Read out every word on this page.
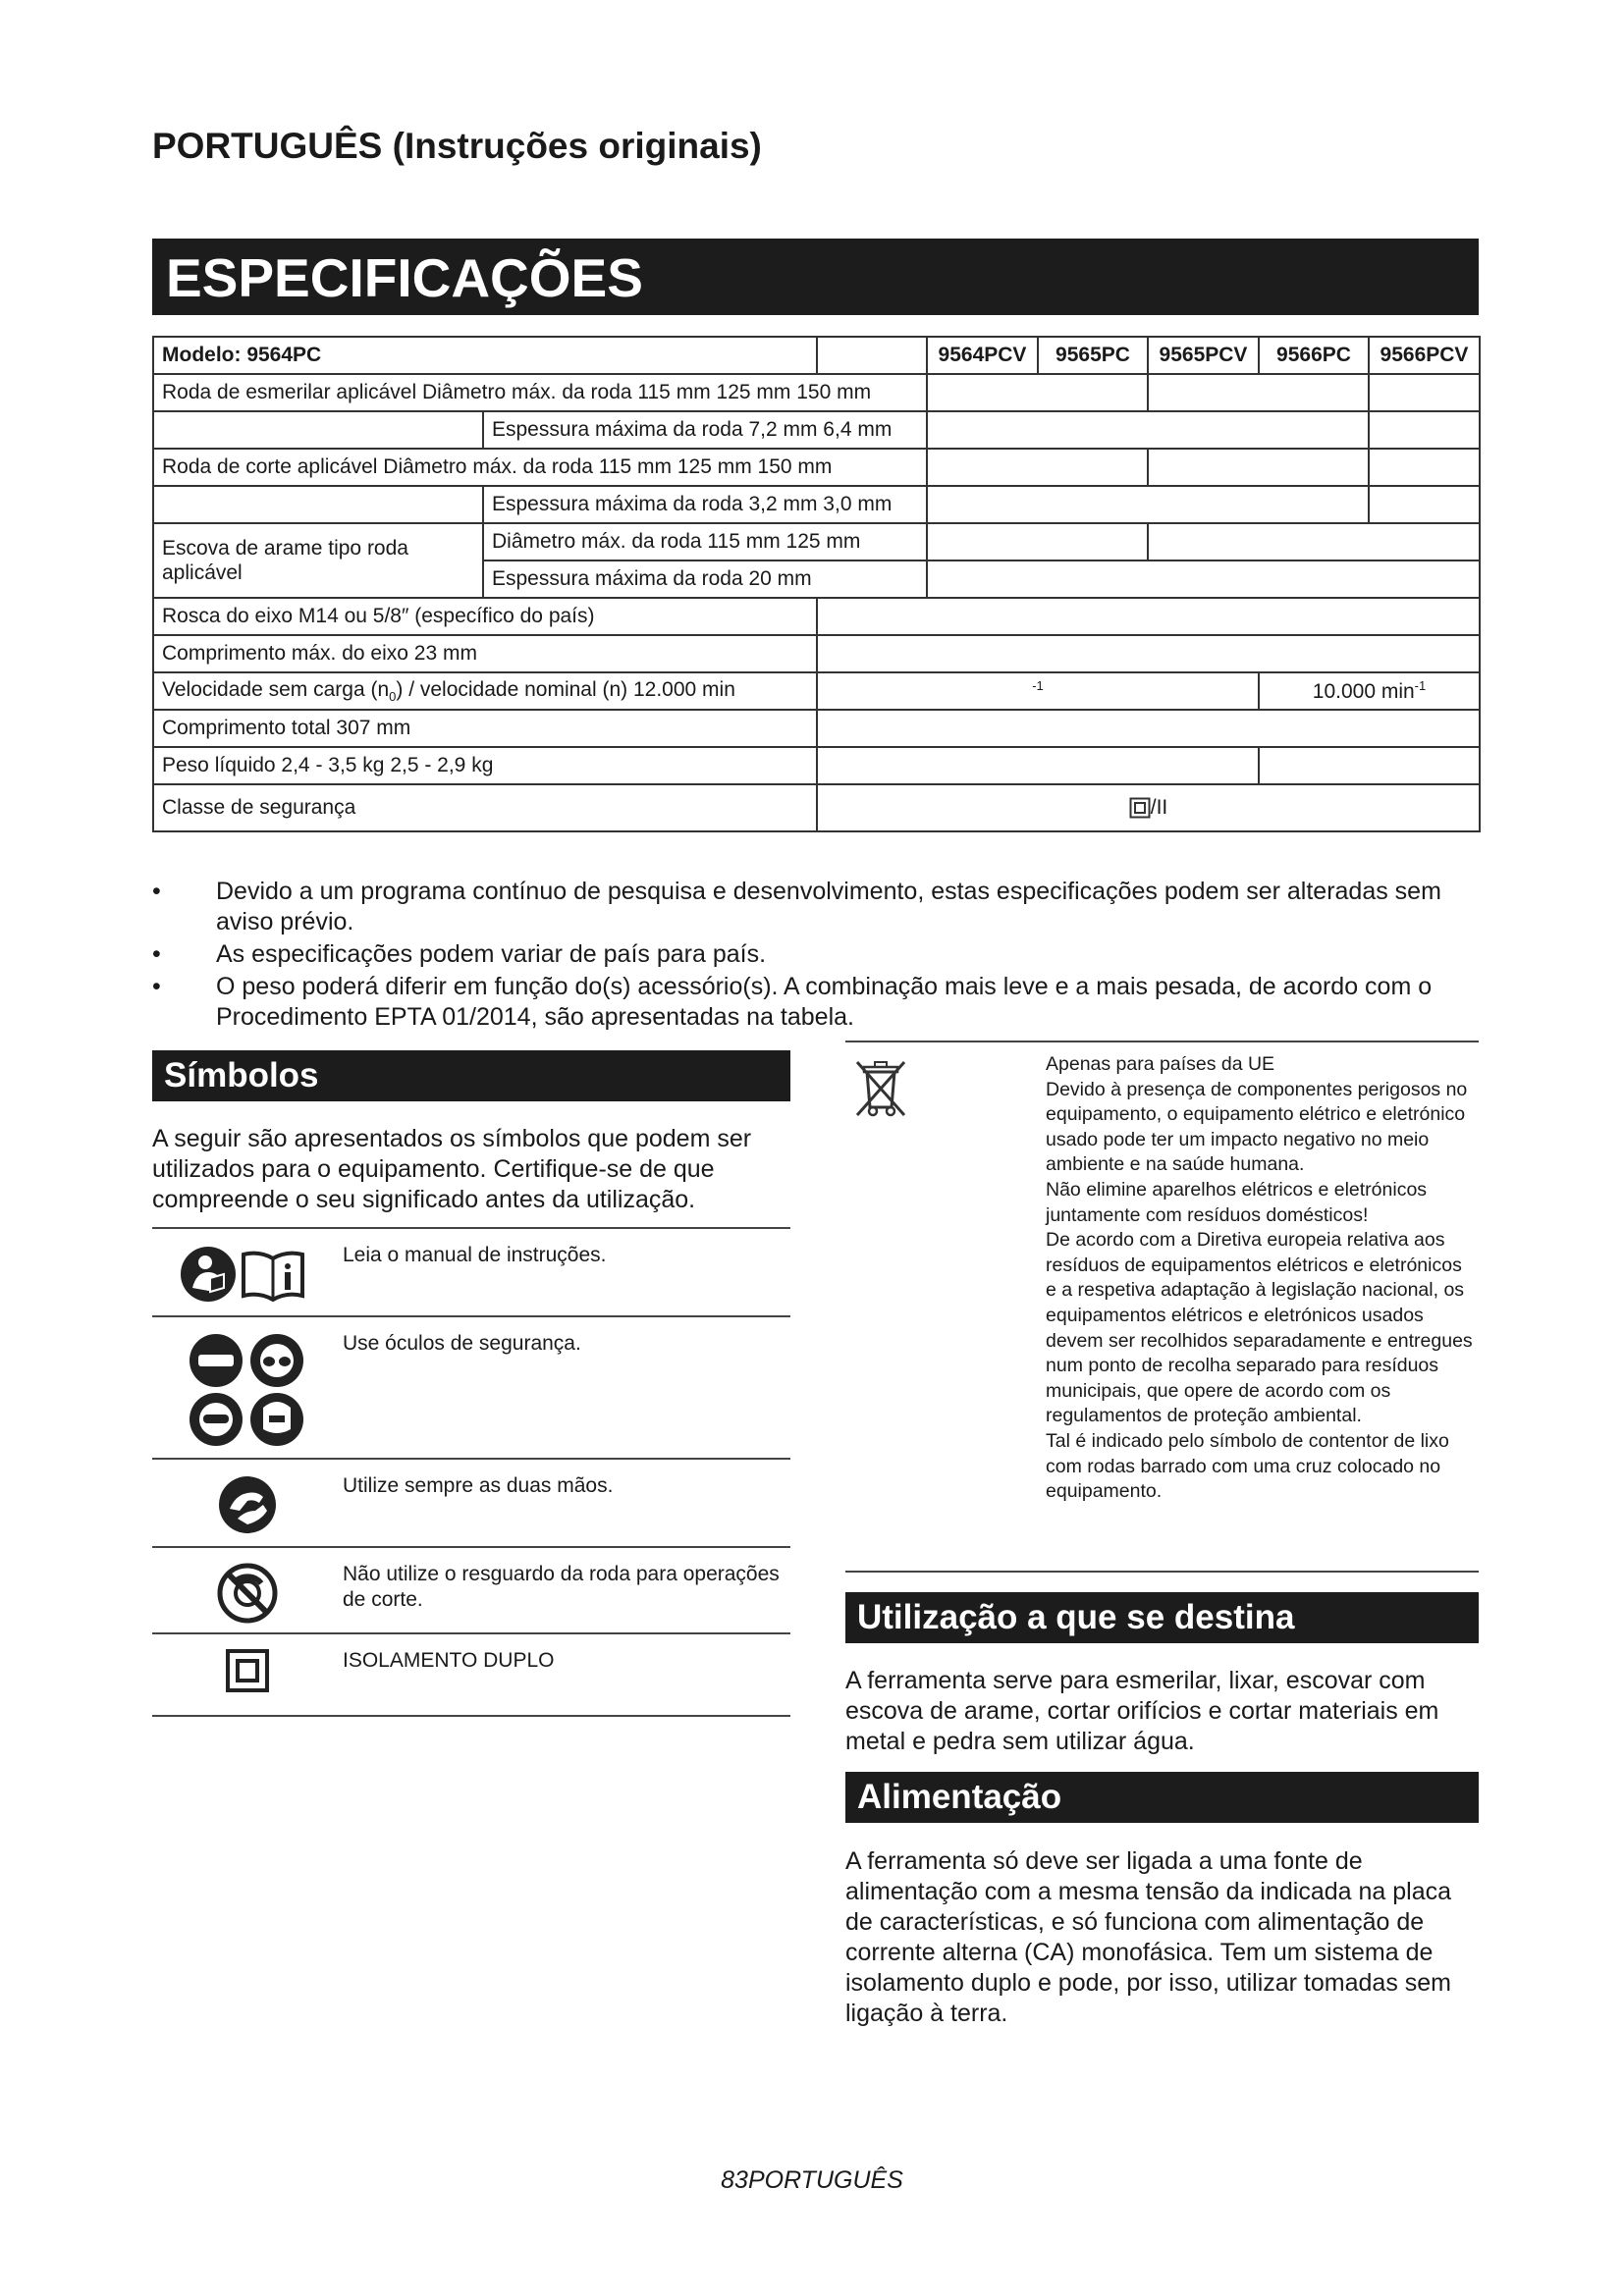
PORTUGUÊS (Instruções originais)
ESPECIFICAÇÕES
Modelo: 9564PC			9564PCV	9565PC	9565PCV	9566PC	9566PCV
Roda de esmerilar aplicável Diâmetro máx. da roda 115 mm 125 mm 150 mm							
	Espessura máxima da roda 7,2 mm 6,4 mm						
Roda de corte aplicável Diâmetro máx. da roda 115 mm 125 mm 150 mm							
	Espessura máxima da roda 3,2 mm 3,0 mm						
Escova de arame tipo roda aplicável	Diâmetro máx. da roda 115 mm 125 mm						
	Espessura máxima da roda 20 mm						
Rosca do eixo M14 ou 5/8″ (específico do país)							
Comprimento máx. do eixo 23 mm							
Velocidade sem carga $(n_0)$ / velocidade nominal (n) 12.000 min		$^{-1}$				10.000 $\min^{-1}$
Comprimento total 307 mm							
Peso líquido 2,4 - 3,5 kg 2,5 - 2,9 kg							
Classe de segurança		/II					
• Devido a um programa contínuo de pesquisa e desenvolvimento, estas especificações podem ser alteradas sem aviso prévio.
• As especificações podem variar de país para país.
• O peso poderá diferir em função do(s) acessório(s). A combinação mais leve e a mais pesada, de acordo com o Procedimento EPTA 01/2014, são apresentadas na tabela.
Símbolos

A seguir são apresentados os símbolos que podem ser utilizados para o equipamento. Certifique-se de que compreende o seu significado antes da utilização.

	Leia o manual de instruções.
	Use óculos de segurança.
	Utilize sempre as duas mãos.
	Não utilize o resguardo da roda para operações de corte.
	ISOLAMENTO DUPLO

Apenas para países da UE

Devido à presença de componentes perigosos no equipamento, o equipamento elétrico e eletrónico usado pode ter um impacto negativo no meio ambiente e na saúde humana.

Não elimine aparelhos elétricos e eletrónicos juntamente com resíduos domésticos!

De acordo com a Diretiva europeia relativa aos resíduos de equipamentos elétricos e eletrónicos e a respetiva adaptação à legislação nacional, os equipamentos elétricos e eletrónicos usados devem ser recolhidos separadamente e entregues num ponto de recolha separado para resíduos municipais, que opere de acordo com os regulamentos de proteção ambiental.

Tal é indicado pelo símbolo de contentor de lixo com rodas barrado com uma cruz colocado no equipamento.

Utilização a que se destina

A ferramenta serve para esmerilar, lixar, escovar com escova de arame, cortar orifícios e cortar materiais em metal e pedra sem utilizar água.

Alimentação

A ferramenta só deve ser ligada a uma fonte de alimentação com a mesma tensão da indicada na placa de características, e só funciona com alimentação de corrente alterna (CA) monofásica. Tem um sistema de isolamento duplo e pode, por isso, utilizar tomadas sem ligação à terra.

83PORTUGUÊS
